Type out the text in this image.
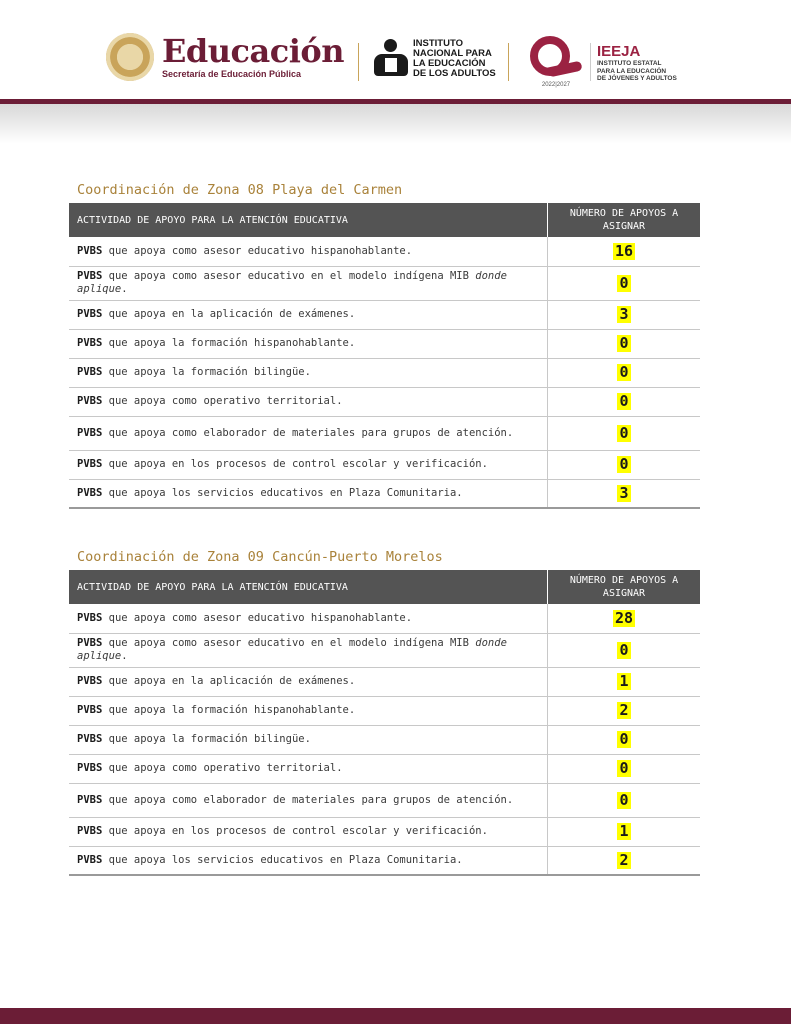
Educación
Secretaría de Educación Pública
INSTITUTO
NACIONAL PARA
LA EDUCACIÓN
DE LOS ADULTOS
2022|2027
IEEJA
INSTITUTO ESTATAL
PARA LA EDUCACIÓN
DE JÓVENES Y ADULTOS
Coordinación de Zona 08 Playa del Carmen
ACTIVIDAD DE APOYO PARA LA ATENCIÓN EDUCATIVA	NÚMERO DE APOYOS A
ASIGNAR
PVBS que apoya como asesor educativo hispanohablante.	16
PVBS que apoya como asesor educativo en el modelo indígena MIB donde aplique.	0
PVBS que apoya en la aplicación de exámenes.	3
PVBS que apoya la formación hispanohablante.	0
PVBS que apoya la formación bilingüe.	0
PVBS que apoya como operativo territorial.	0
PVBS que apoya como elaborador de materiales para grupos de atención.	0
PVBS que apoya en los procesos de control escolar y verificación.	0
PVBS que apoya los servicios educativos en Plaza Comunitaria.	3
Coordinación de Zona 09 Cancún-Puerto Morelos
ACTIVIDAD DE APOYO PARA LA ATENCIÓN EDUCATIVA	NÚMERO DE APOYOS A
ASIGNAR
PVBS que apoya como asesor educativo hispanohablante.	28
PVBS que apoya como asesor educativo en el modelo indígena MIB donde aplique.	0
PVBS que apoya en la aplicación de exámenes.	1
PVBS que apoya la formación hispanohablante.	2
PVBS que apoya la formación bilingüe.	0
PVBS que apoya como operativo territorial.	0
PVBS que apoya como elaborador de materiales para grupos de atención.	0
PVBS que apoya en los procesos de control escolar y verificación.	1
PVBS que apoya los servicios educativos en Plaza Comunitaria.	2
